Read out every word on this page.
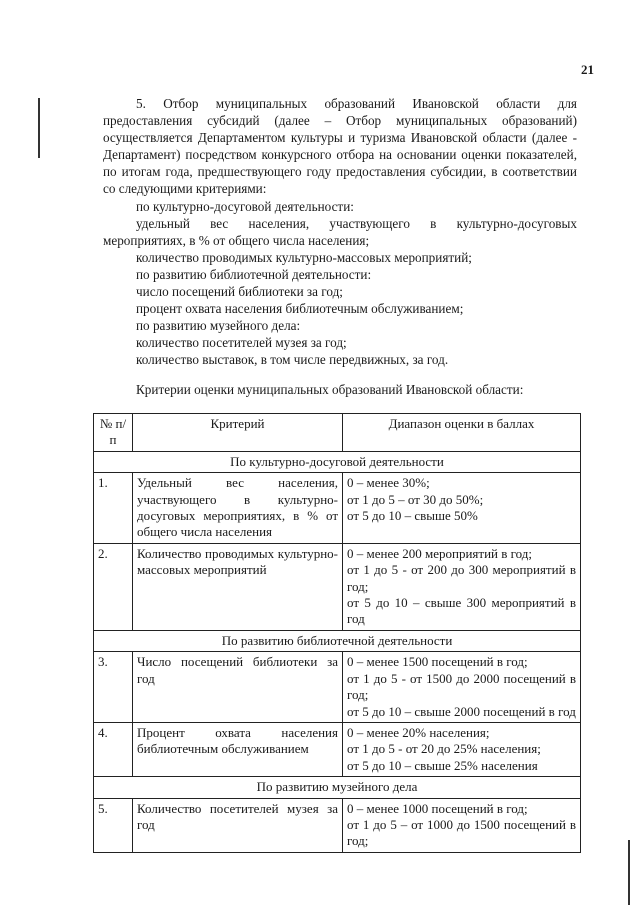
21

5. Отбор муниципальных образований Ивановской области для предоставления субсидий (далее – Отбор муниципальных образований) осуществляется Департаментом культуры и туризма Ивановской области (далее - Департамент) посредством конкурсного отбора на основании оценки показателей, по итогам года, предшествующего году предоставления субсидии, в соответствии со следующими критериями:

по культурно-досуговой деятельности:

удельный вес населения, участвующего в культурно-досуговых мероприятиях, в % от общего числа населения;

количество проводимых культурно-массовых мероприятий;

по развитию библиотечной деятельности:

число посещений библиотеки за год;

процент охвата населения библиотечным обслуживанием;

по развитию музейного дела:

количество посетителей музея за год;

количество выставок, в том числе передвижных, за год.

Критерии оценки муниципальных образований Ивановской области:
№ п/п	Критерий	Диапазон оценки в баллах
По культурно-досуговой деятельности		
1.	Удельный вес населения, участвующего в культурно-досуговых мероприятиях, в % от общего числа населения	0 – менее 30%;
от 1 до 5 – от 30 до 50%;
от 5 до 10 – свыше 50%

2.	Количество проводимых культурно-массовых мероприятий	0 – менее 200 мероприятий в год;
от 1 до 5 - от 200 до 300 мероприятий в год;
от 5 до 10 – свыше 300 мероприятий в год

По развитию библиотечной деятельности		
3.	Число посещений библиотеки за год	0 – менее 1500 посещений в год;
от 1 до 5 - от 1500 до 2000 посещений в год;
от 5 до 10 – свыше 2000 посещений в год

4.	Процент охвата населения библиотечным обслуживанием	0 – менее 20% населения;
от 1 до 5 - от 20 до 25% населения;
от 5 до 10 – свыше 25% населения

По развитию музейного дела		
5.	Количество посетителей музея за год	0 – менее 1000 посещений в год;
от 1 до 5 – от 1000 до 1500 посещений в год;
